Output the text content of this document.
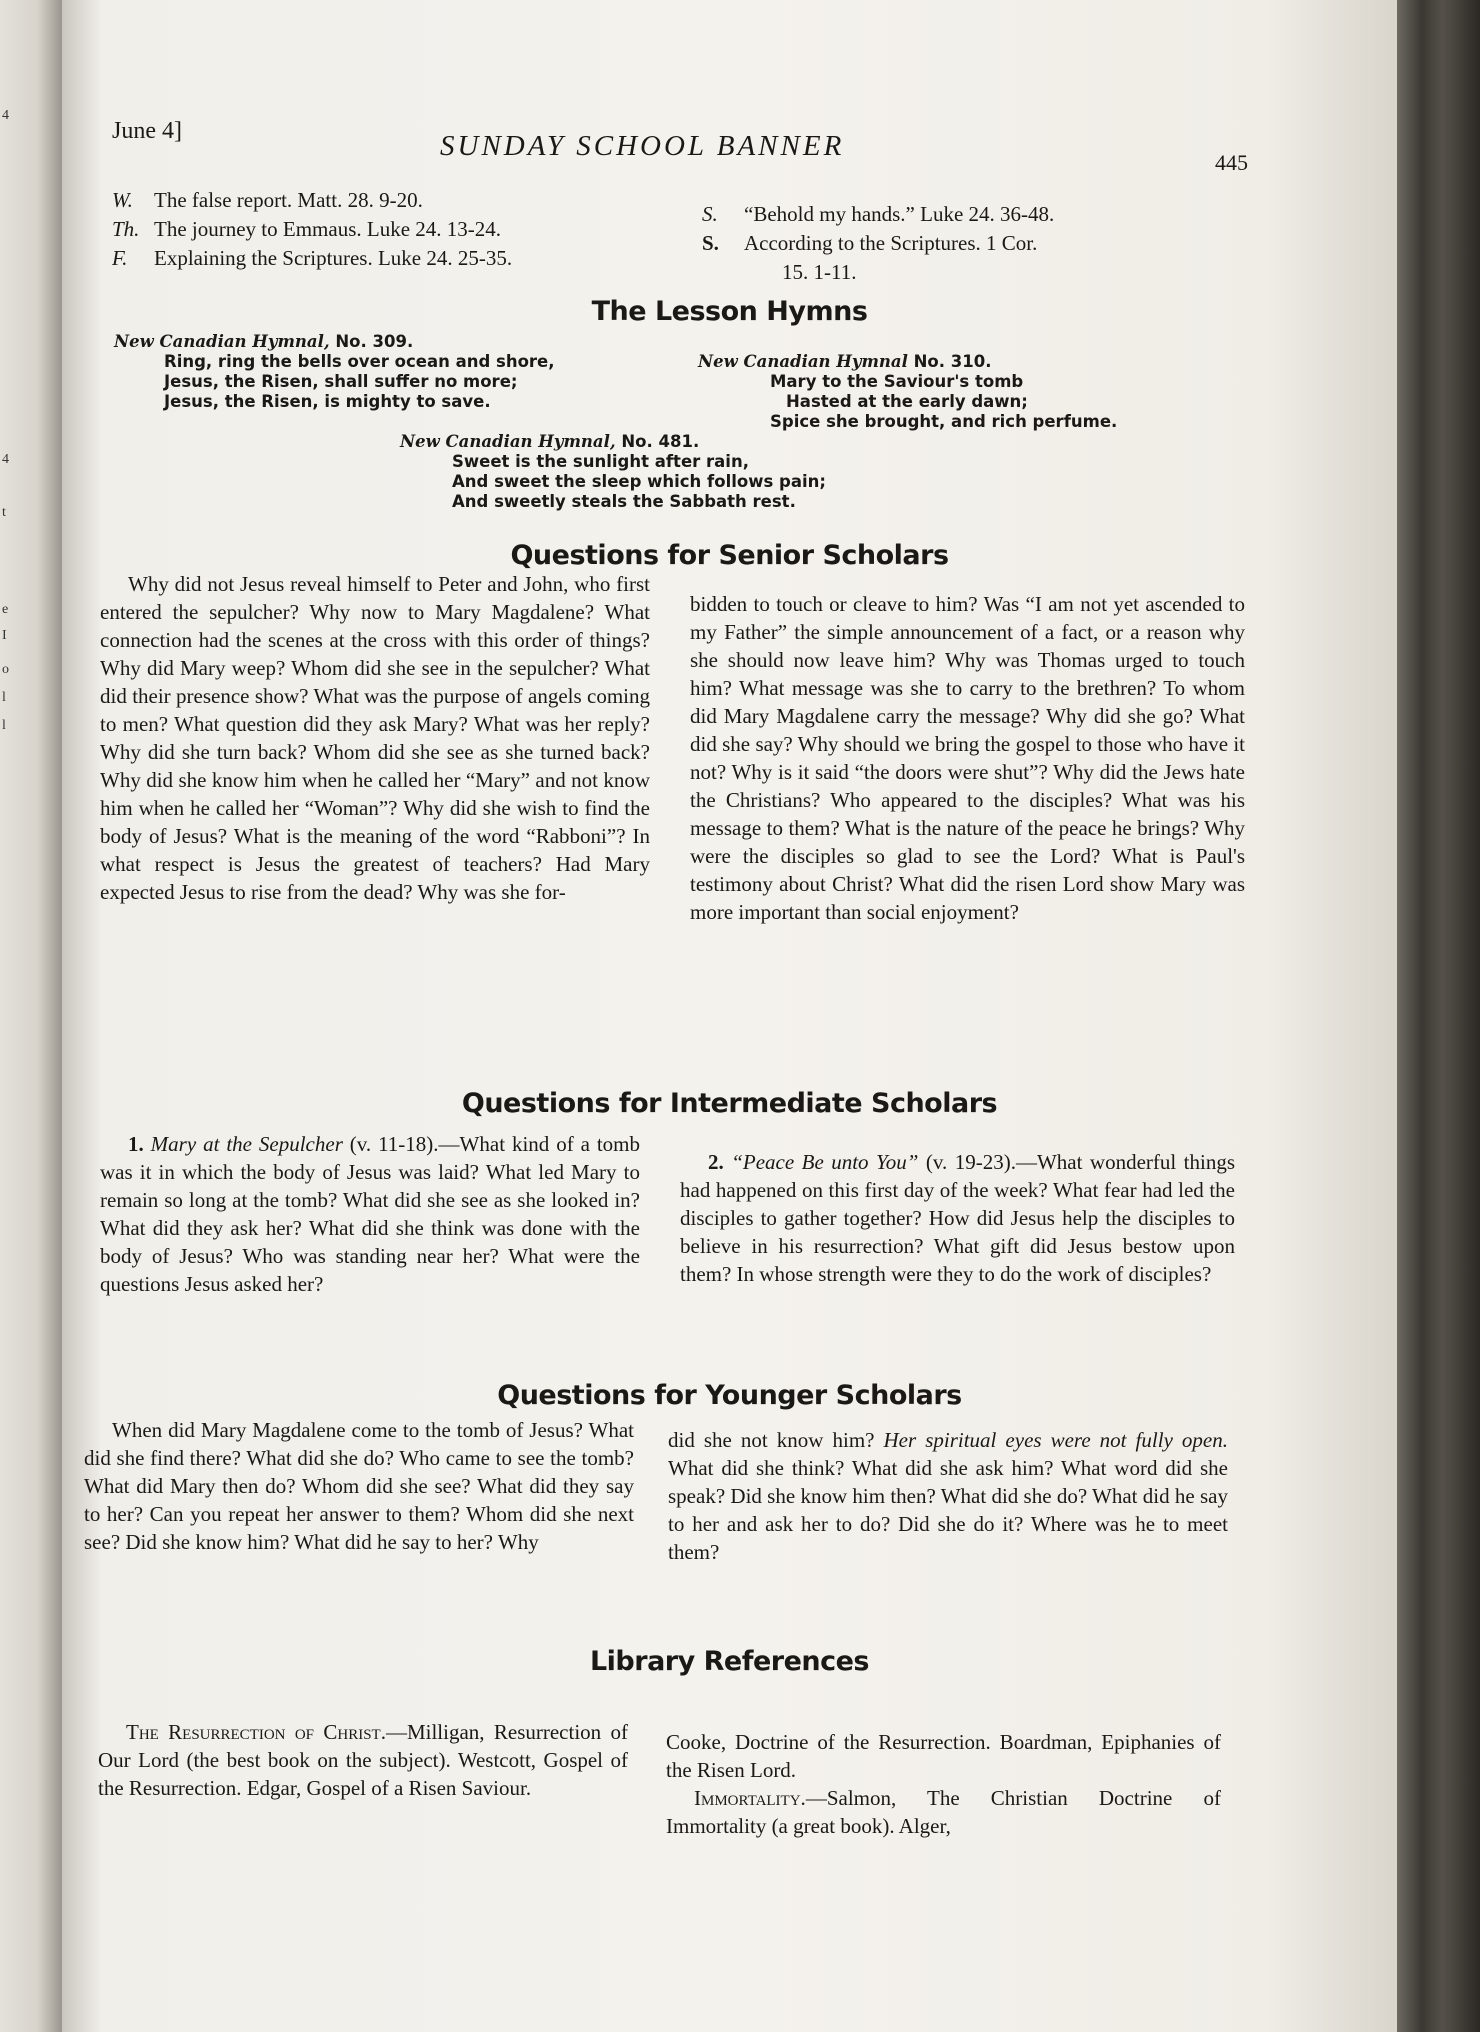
4
4
t
e
I
o
l
l
June 4]	SUNDAY SCHOOL BANNER
445
W. The false report. Matt. 28. 9-20.
Th. The journey to Emmaus. Luke 24. 13-24.
F. Explaining the Scriptures. Luke 24. 25-35.
S. “Behold my hands.” Luke 24. 36-48.
S. According to the Scriptures. 1 Cor.
15. 1-11.
The Lesson Hymns
New Canadian Hymnal, No. 309.
Ring, ring the bells over ocean and shore,
Jesus, the Risen, shall suffer no more;
Jesus, the Risen, is mighty to save.
New Canadian Hymnal No. 310.
Mary to the Saviour's tomb
Hasted at the early dawn;
Spice she brought, and rich perfume.
New Canadian Hymnal, No. 481.
Sweet is the sunlight after rain,
And sweet the sleep which follows pain;
And sweetly steals the Sabbath rest.
Questions for Senior Scholars

Why did not Jesus reveal himself to Peter and John, who first entered the sepulcher? Why now to Mary Magdalene? What connection had the scenes at the cross with this order of things? Why did Mary weep? Whom did she see in the sepulcher? What did their presence show? What was the purpose of angels coming to men? What question did they ask Mary? What was her reply? Why did she turn back? Whom did she see as she turned back? Why did she know him when he called her “Mary” and not know him when he called her “Woman”? Why did she wish to find the body of Jesus? What is the meaning of the word “Rabboni”? In what respect is Jesus the greatest of teachers? Had Mary expected Jesus to rise from the dead? Why was she for-

bidden to touch or cleave to him? Was “I am not yet ascended to my Father” the simple announcement of a fact, or a reason why she should now leave him? Why was Thomas urged to touch him? What message was she to carry to the brethren? To whom did Mary Magdalene carry the message? Why did she go? What did she say? Why should we bring the gospel to those who have it not? Why is it said “the doors were shut”? Why did the Jews hate the Christians? Who appeared to the disciples? What was his message to them? What is the nature of the peace he brings? Why were the disciples so glad to see the Lord? What is Paul's testimony about Christ? What did the risen Lord show Mary was more important than social enjoyment?

Questions for Intermediate Scholars

1. Mary at the Sepulcher (v. 11-18).—What kind of a tomb was it in which the body of Jesus was laid? What led Mary to remain so long at the tomb? What did she see as she looked in? What did they ask her? What did she think was done with the body of Jesus? Who was standing near her? What were the questions Jesus asked her?

2. “Peace Be unto You” (v. 19-23).—What wonderful things had happened on this first day of the week? What fear had led the disciples to gather together? How did Jesus help the disciples to believe in his resurrection? What gift did Jesus bestow upon them? In whose strength were they to do the work of disciples?

Questions for Younger Scholars

When did Mary Magdalene come to the tomb of Jesus? What did she find there? What did she do? Who came to see the tomb? What did Mary then do? Whom did she see? What did they say to her? Can you repeat her answer to them? Whom did she next see? Did she know him? What did he say to her? Why

did she not know him? Her spiritual eyes were not fully open. What did she think? What did she ask him? What word did she speak? Did she know him then? What did she do? What did he say to her and ask her to do? Did she do it? Where was he to meet them?

Library References

The Resurrection of Christ.—Milligan, Resurrection of Our Lord (the best book on the subject). Westcott, Gospel of the Resurrection. Edgar, Gospel of a Risen Saviour.

Cooke, Doctrine of the Resurrection. Boardman, Epiphanies of the Risen Lord.

Immortality.—Salmon, The Christian Doctrine of Immortality (a great book). Alger,
